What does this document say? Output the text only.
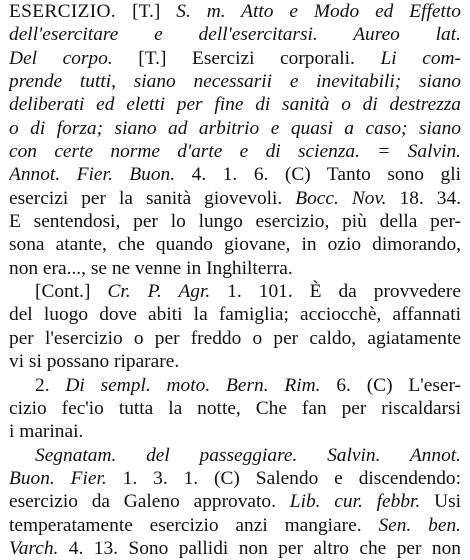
ESERCIZIO. [T.] S. m. Atto e Modo ed Effetto
dell'esercitare e dell'esercitarsi. Aureo lat.
Del corpo. [T.] Esercizi corporali. Li com-
prende tutti, siano necessarii e inevitabili; siano
deliberati ed eletti per fine di sanità o di destrezza
o di forza; siano ad arbitrio e quasi a caso; siano
con certe norme d'arte e di scienza. = Salvin.
Annot. Fier. Buon. 4. 1. 6. (C) Tanto sono gli
esercizi per la sanità giovevoli. Bocc. Nov. 18. 34.
E sentendosi, per lo lungo esercizio, più della per-
sona atante, che quando giovane, in ozio dimorando,
non era..., se ne venne in Inghilterra.
[Cont.] Cr. P. Agr. 1. 101. È da provvedere
del luogo dove abiti la famiglia; acciocchè, affannati
per l'esercizio o per freddo o per caldo, agiatamente
vi si possano riparare.
2. Di sempl. moto. Bern. Rim. 6. (C) L'eser-
cizio fec'io tutta la notte, Che fan per riscaldarsi
i marinai.
Segnatam. del passeggiare. Salvin. Annot.
Buon. Fier. 1. 3. 1. (C) Salendo e discendendo:
esercizio da Galeno approvato. Lib. cur. febbr. Usi
temperatamente esercizio anzi mangiare. Sen. ben.
Varch. 4. 13. Sono pallidi non per altro che per non
